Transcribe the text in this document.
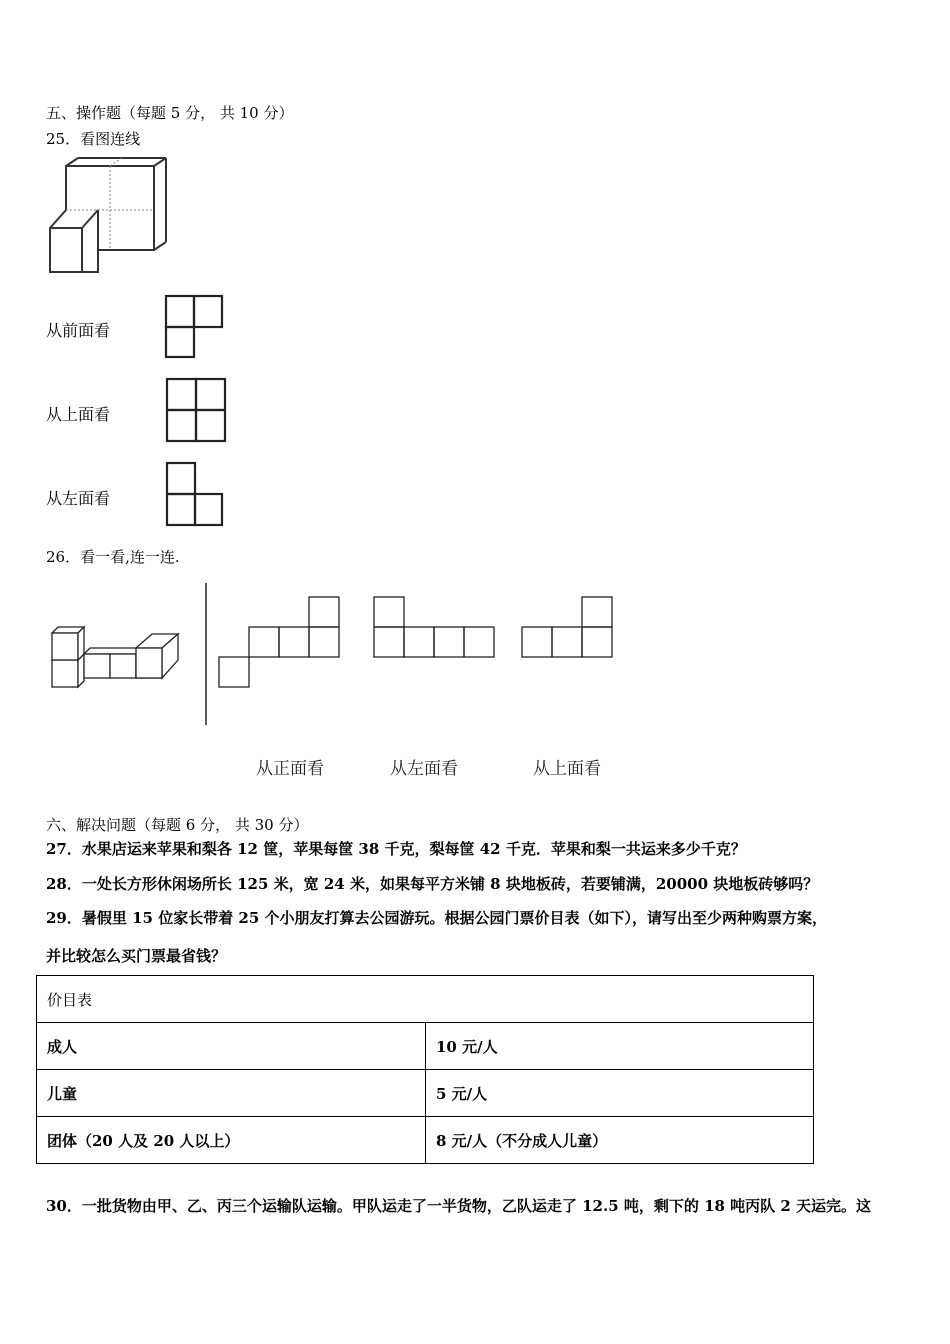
五、操作题（每题 5 分， 共 10 分）
25．看图连线
从前面看
从上面看
从左面看
26．看一看,连一连.
从正面看	从左面看	从上面看
六、解决问题（每题 6 分， 共 30 分）
27．水果店运来苹果和梨各 12 筐，苹果每筐 38 千克，梨每筐 42 千克．苹果和梨一共运来多少千克？
28．一处长方形休闲场所长 125 米，宽 24 米，如果每平方米铺 8 块地板砖，若要铺满，20000 块地板砖够吗？
29．暑假里 15 位家长带着 25 个小朋友打算去公园游玩。根据公园门票价目表（如下），请写出至少两种购票方案，
并比较怎么买门票最省钱？
价目表	
成人	10 元/人
儿童	5 元/人
团体（20 人及 20 人以上）	8 元/人（不分成人儿童）
30．一批货物由甲、乙、丙三个运输队运输。甲队运走了一半货物，乙队运走了 12.5 吨，剩下的 18 吨丙队 2 天运完。这
